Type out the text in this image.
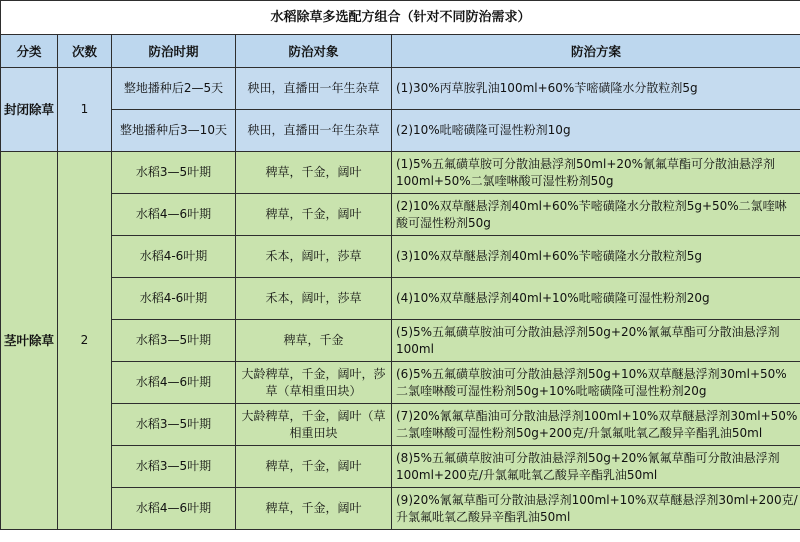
水稻除草多选配方组合（针对不同防治需求）				
分类	次数	防治时期	防治对象	防治方案
封闭除草	1	整地播种后2—5天	秧田，直播田一年生杂草	(1)30%丙草胺乳油100ml+60%苄嘧磺隆水分散粒剂5g
		整地播种后3—10天	秧田，直播田一年生杂草	(2)10%吡嘧磺隆可湿性粉剂10g
茎叶除草	2	水稻3—5叶期	稗草，千金，阔叶	(1)5%五氟磺草胺可分散油悬浮剂50ml+20%氰氟草酯可分散油悬浮剂100ml+50%二氯喹啉酸可湿性粉剂50g
		水稻4—6叶期	稗草，千金，阔叶	(2)10%双草醚悬浮剂40ml+60%苄嘧磺隆水分散粒剂5g+50%二氯喹啉酸可湿性粉剂50g
		水稻4-6叶期	禾本，阔叶，莎草	(3)10%双草醚悬浮剂40ml+60%苄嘧磺隆水分散粒剂5g
		水稻4-6叶期	禾本，阔叶，莎草	(4)10%双草醚悬浮剂40ml+10%吡嘧磺隆可湿性粉剂20g
		水稻3—5叶期	稗草，千金	(5)5%五氟磺草胺油可分散油悬浮剂50g+20%氰氟草酯可分散油悬浮剂100ml
		水稻4—6叶期	大龄稗草，千金，阔叶，莎草（草相重田块）	(6)5%五氟磺草胺油可分散油悬浮剂50g+10%双草醚悬浮剂30ml+50%二氯喹啉酸可湿性粉剂50g+10%吡嘧磺隆可湿性粉剂20g
		水稻3—5叶期	大龄稗草，千金，阔叶（草相重田块	(7)20%氰氟草酯油可分散油悬浮剂100ml+10%双草醚悬浮剂30ml+50%二氯喹啉酸可湿性粉剂50g+200克/升氯氟吡氧乙酸异辛酯乳油50ml
		水稻3—5叶期	稗草，千金，阔叶	(8)5%五氟磺草胺油可分散油悬浮剂50g+20%氰氟草酯可分散油悬浮剂100ml+200克/升氯氟吡氧乙酸异辛酯乳油50ml
		水稻4—6叶期	稗草，千金，阔叶	(9)20%氰氟草酯可分散油悬浮剂100ml+10%双草醚悬浮剂30ml+200克/升氯氟吡氧乙酸异辛酯乳油50ml
